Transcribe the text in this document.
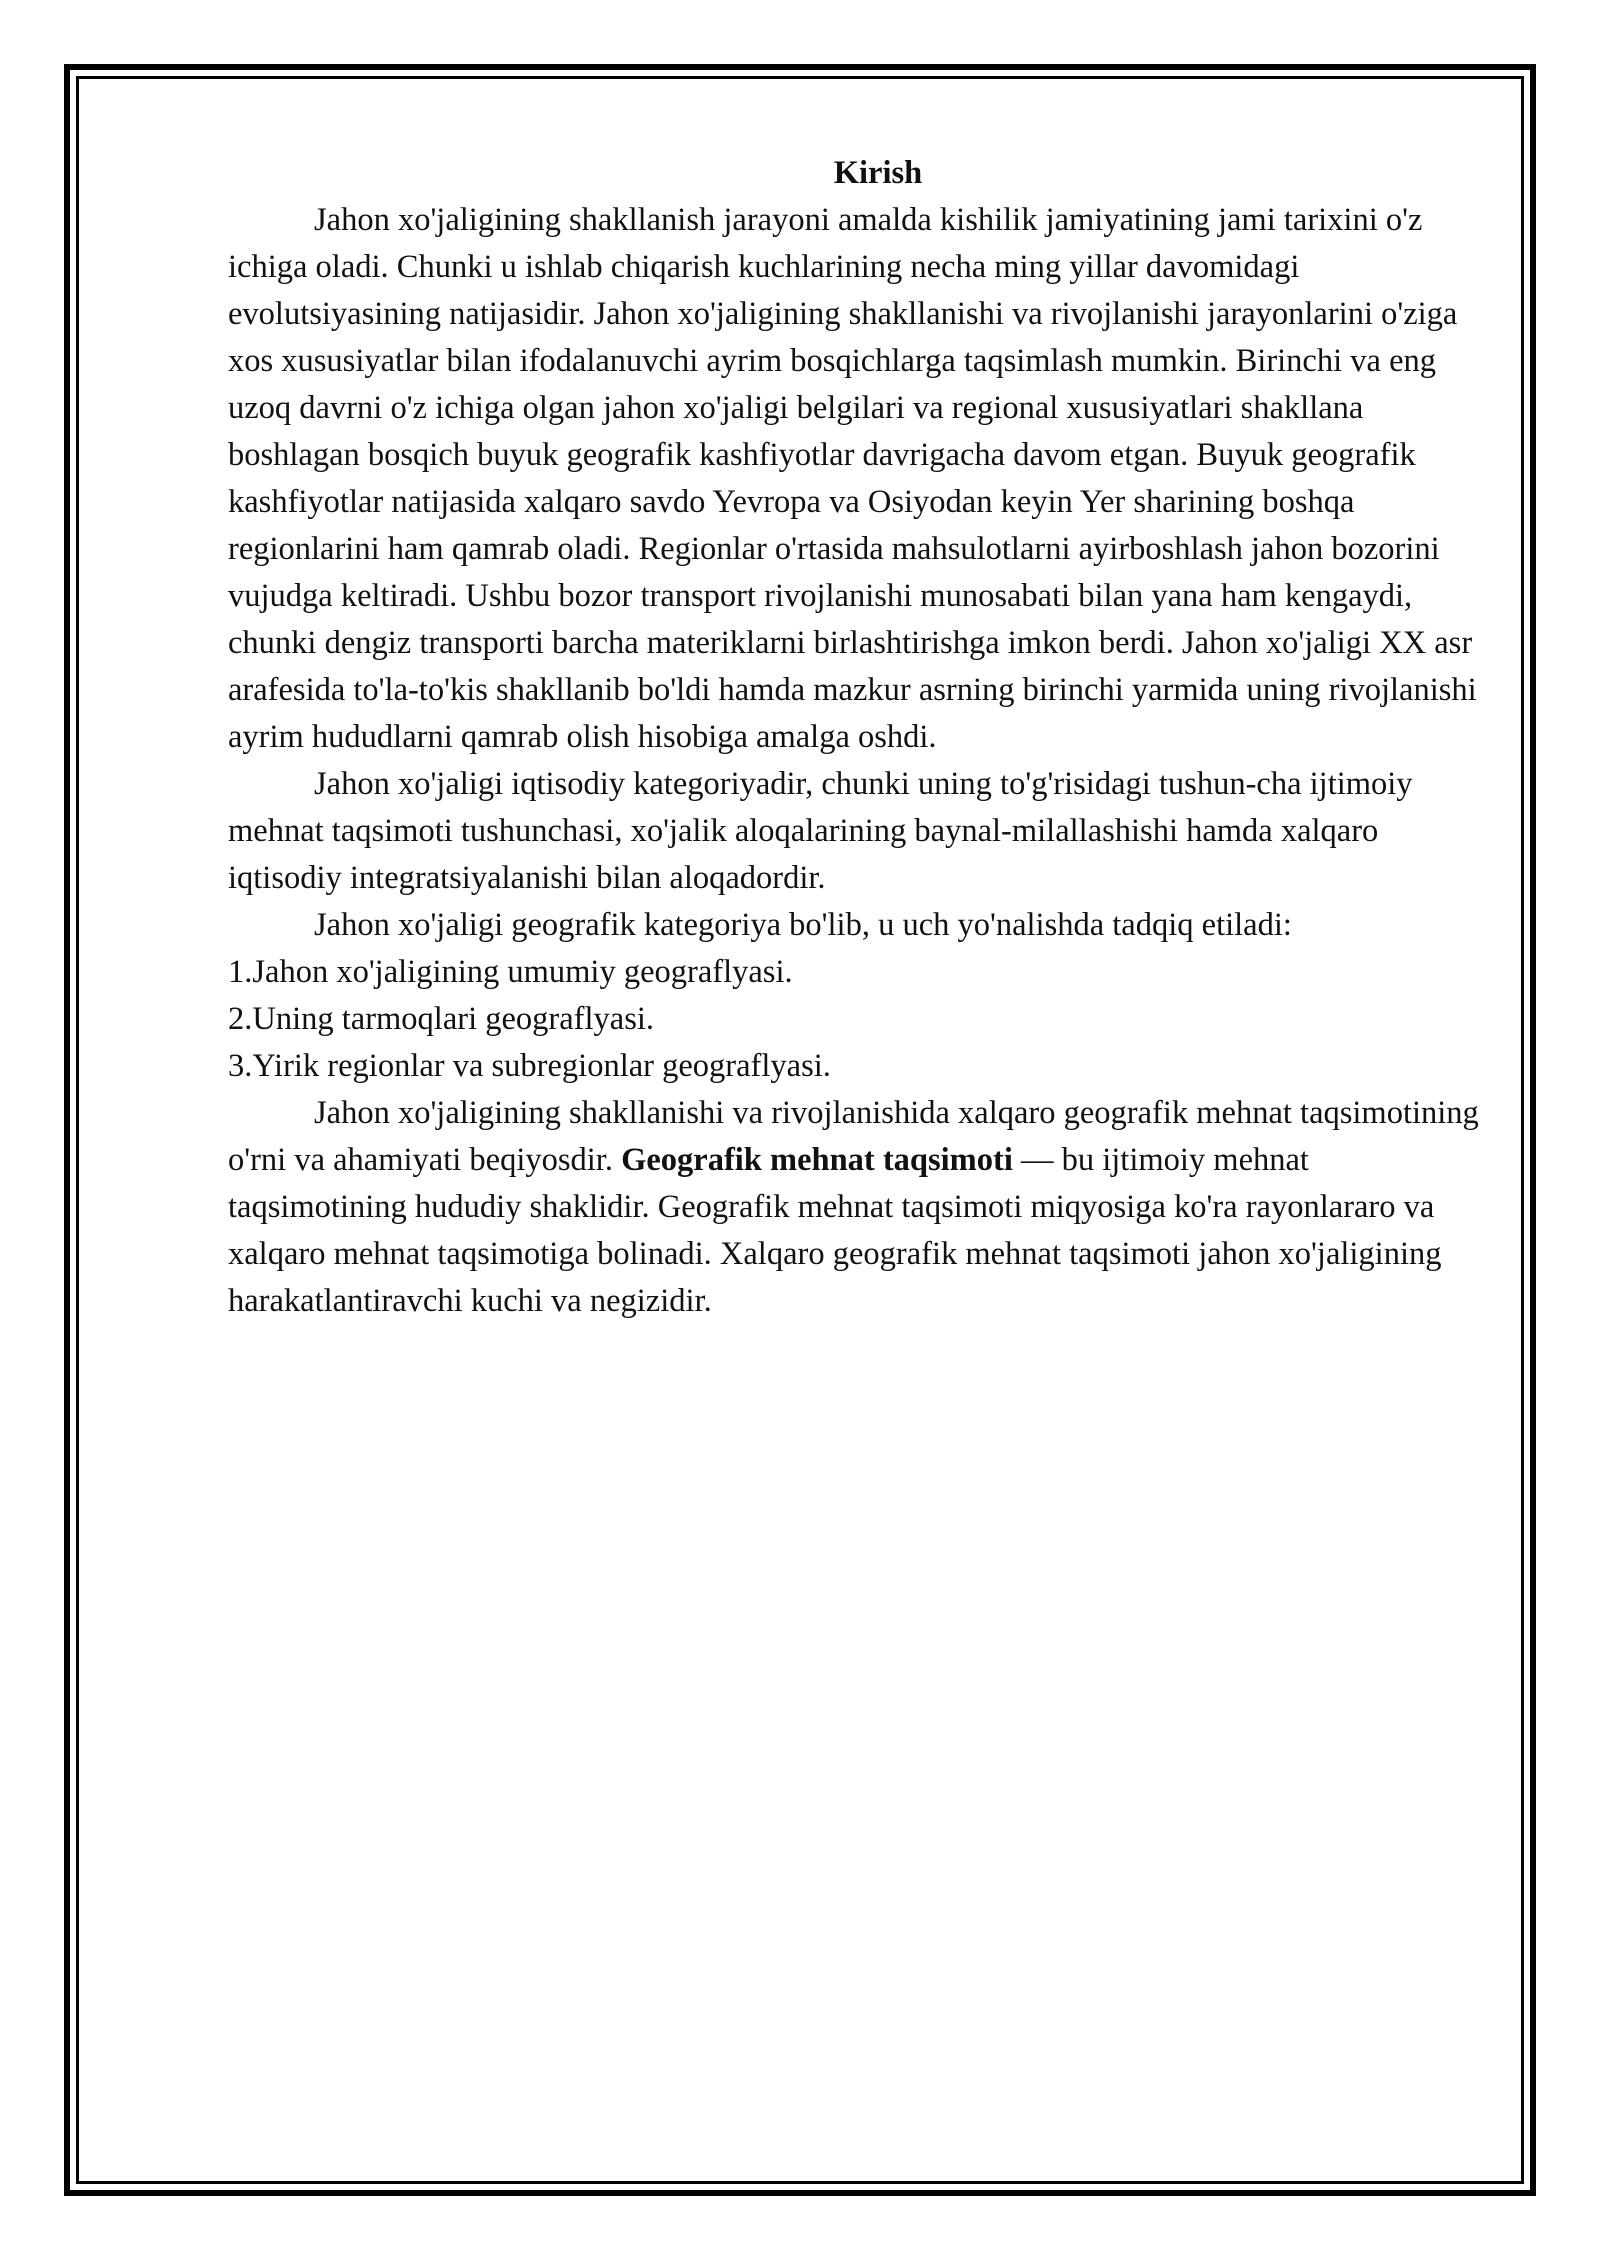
Kirish

Jahon xo'jaligining shakllanish jarayoni amalda kishilik jamiyatining jami tarixini o'z ichiga oladi. Chunki u ishlab chiqarish kuchlarining necha ming yillar davomidagi evolutsiyasining natijasidir. Jahon xo'jaligining shakllanishi va rivojlanishi jarayonlarini o'ziga xos xususiyatlar bilan ifodalanuvchi ayrim bosqichlarga taqsimlash mumkin. Birinchi va eng uzoq davrni o'z ichiga olgan jahon xo'jaligi belgilari va regional xususiyatlari shakllana boshlagan bosqich buyuk geografik kashfiyotlar davrigacha davom etgan. Buyuk geografik kashfiyotlar natijasida xalqaro savdo Yevropa va Osiyodan keyin Yer sharining boshqa regionlarini ham qamrab oladi. Regionlar o'rtasida mahsulotlarni ayirboshlash jahon bozorini vujudga keltiradi. Ushbu bozor transport rivojlanishi munosabati bilan yana ham kengaydi, chunki dengiz transporti barcha materiklarni birlashtirishga imkon berdi. Jahon xo'jaligi XX asr arafesida to'la-to'kis shakllanib bo'ldi hamda mazkur asrning birinchi yarmida uning rivojlanishi ayrim hududlarni qamrab olish hisobiga amalga oshdi.

Jahon xo'jaligi iqtisodiy kategoriyadir, chunki uning to'g'risidagi tushun-cha ijtimoiy mehnat taqsimoti tushunchasi, xo'jalik aloqalarining baynal-milallashishi hamda xalqaro iqtisodiy integratsiyalanishi bilan aloqadordir.

Jahon xo'jaligi geografik kategoriya bo'lib, u uch yo'nalishda tadqiq etiladi:

1.Jahon xo'jaligining umumiy geograflyasi.

2.Uning tarmoqlari geograflyasi.

3.Yirik regionlar va subregionlar geograflyasi.

Jahon xo'jaligining shakllanishi va rivojlanishida xalqaro geografik mehnat taqsimotining o'rni va ahamiyati beqiyosdir. Geografik mehnat taqsimoti — bu ijtimoiy mehnat taqsimotining hududiy shaklidir. Geografik mehnat taqsimoti miqyosiga ko'ra rayonlararo va xalqaro mehnat taqsimotiga bolinadi. Xalqaro geografik mehnat taqsimoti jahon xo'jaligining harakatlantiravchi kuchi va negizidir.
